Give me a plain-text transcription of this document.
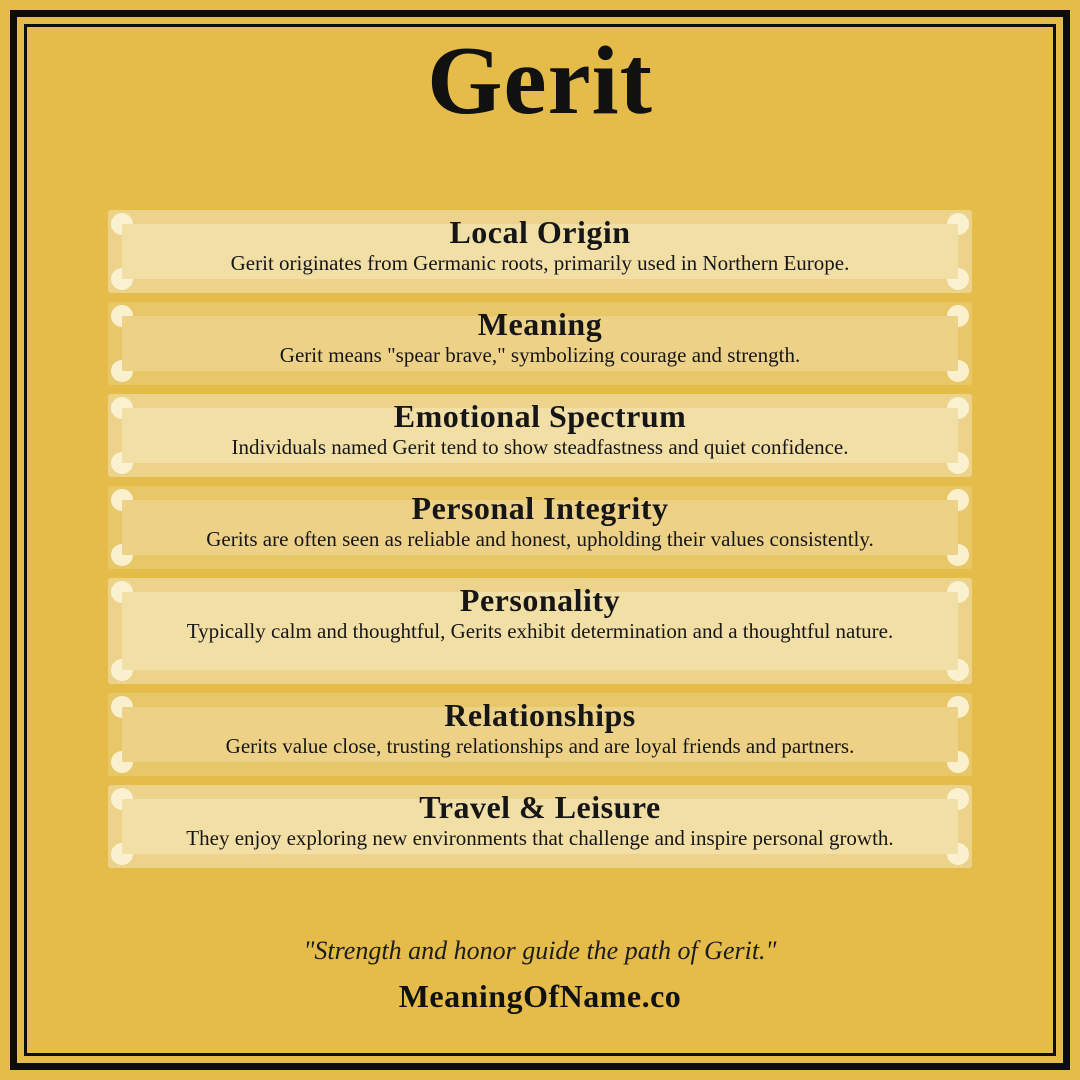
Gerit
Local Origin

Gerit originates from Germanic roots, primarily used in Northern Europe.

Meaning

Gerit means "spear brave," symbolizing courage and strength.

Emotional Spectrum

Individuals named Gerit tend to show steadfastness and quiet confidence.

Personal Integrity

Gerits are often seen as reliable and honest, upholding their values consistently.

Personality

Typically calm and thoughtful, Gerits exhibit determination and a thoughtful nature.

Relationships

Gerits value close, trusting relationships and are loyal friends and partners.

Travel & Leisure

They enjoy exploring new environments that challenge and inspire personal growth.

"Strength and honor guide the path of Gerit."

MeaningOfName.co
